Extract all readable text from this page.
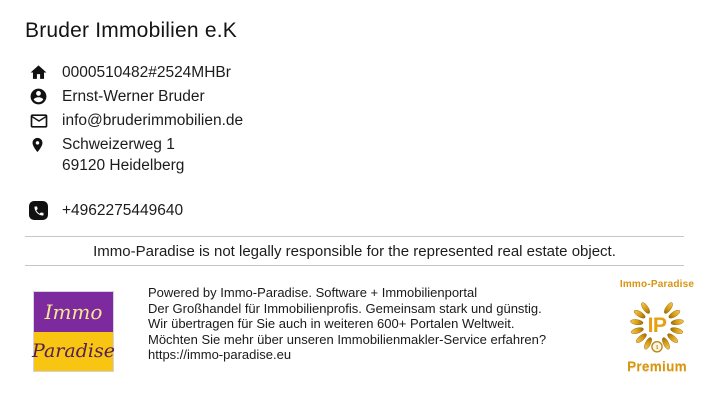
Bruder Immobilien e.K
0000510482#2524MHBr
Ernst-Werner Bruder
info@bruderimmobilien.de
Schweizerweg 1
69120 Heidelberg
+4962275449640
Immo-Paradise is not legally responsible for the represented real estate object.
Immo
Paradise
Powered by Immo-Paradise. Software + Immobilienportal
Der Großhandel für Immobilienprofis. Gemeinsam stark und günstig.
Wir übertragen für Sie auch in weiteren 600+ Portalen Weltweit.
Möchten Sie mehr über unseren Immobilienmakler-Service erfahren?
https://immo-paradise.eu
Immo-Paradise
IP
1
Premium
